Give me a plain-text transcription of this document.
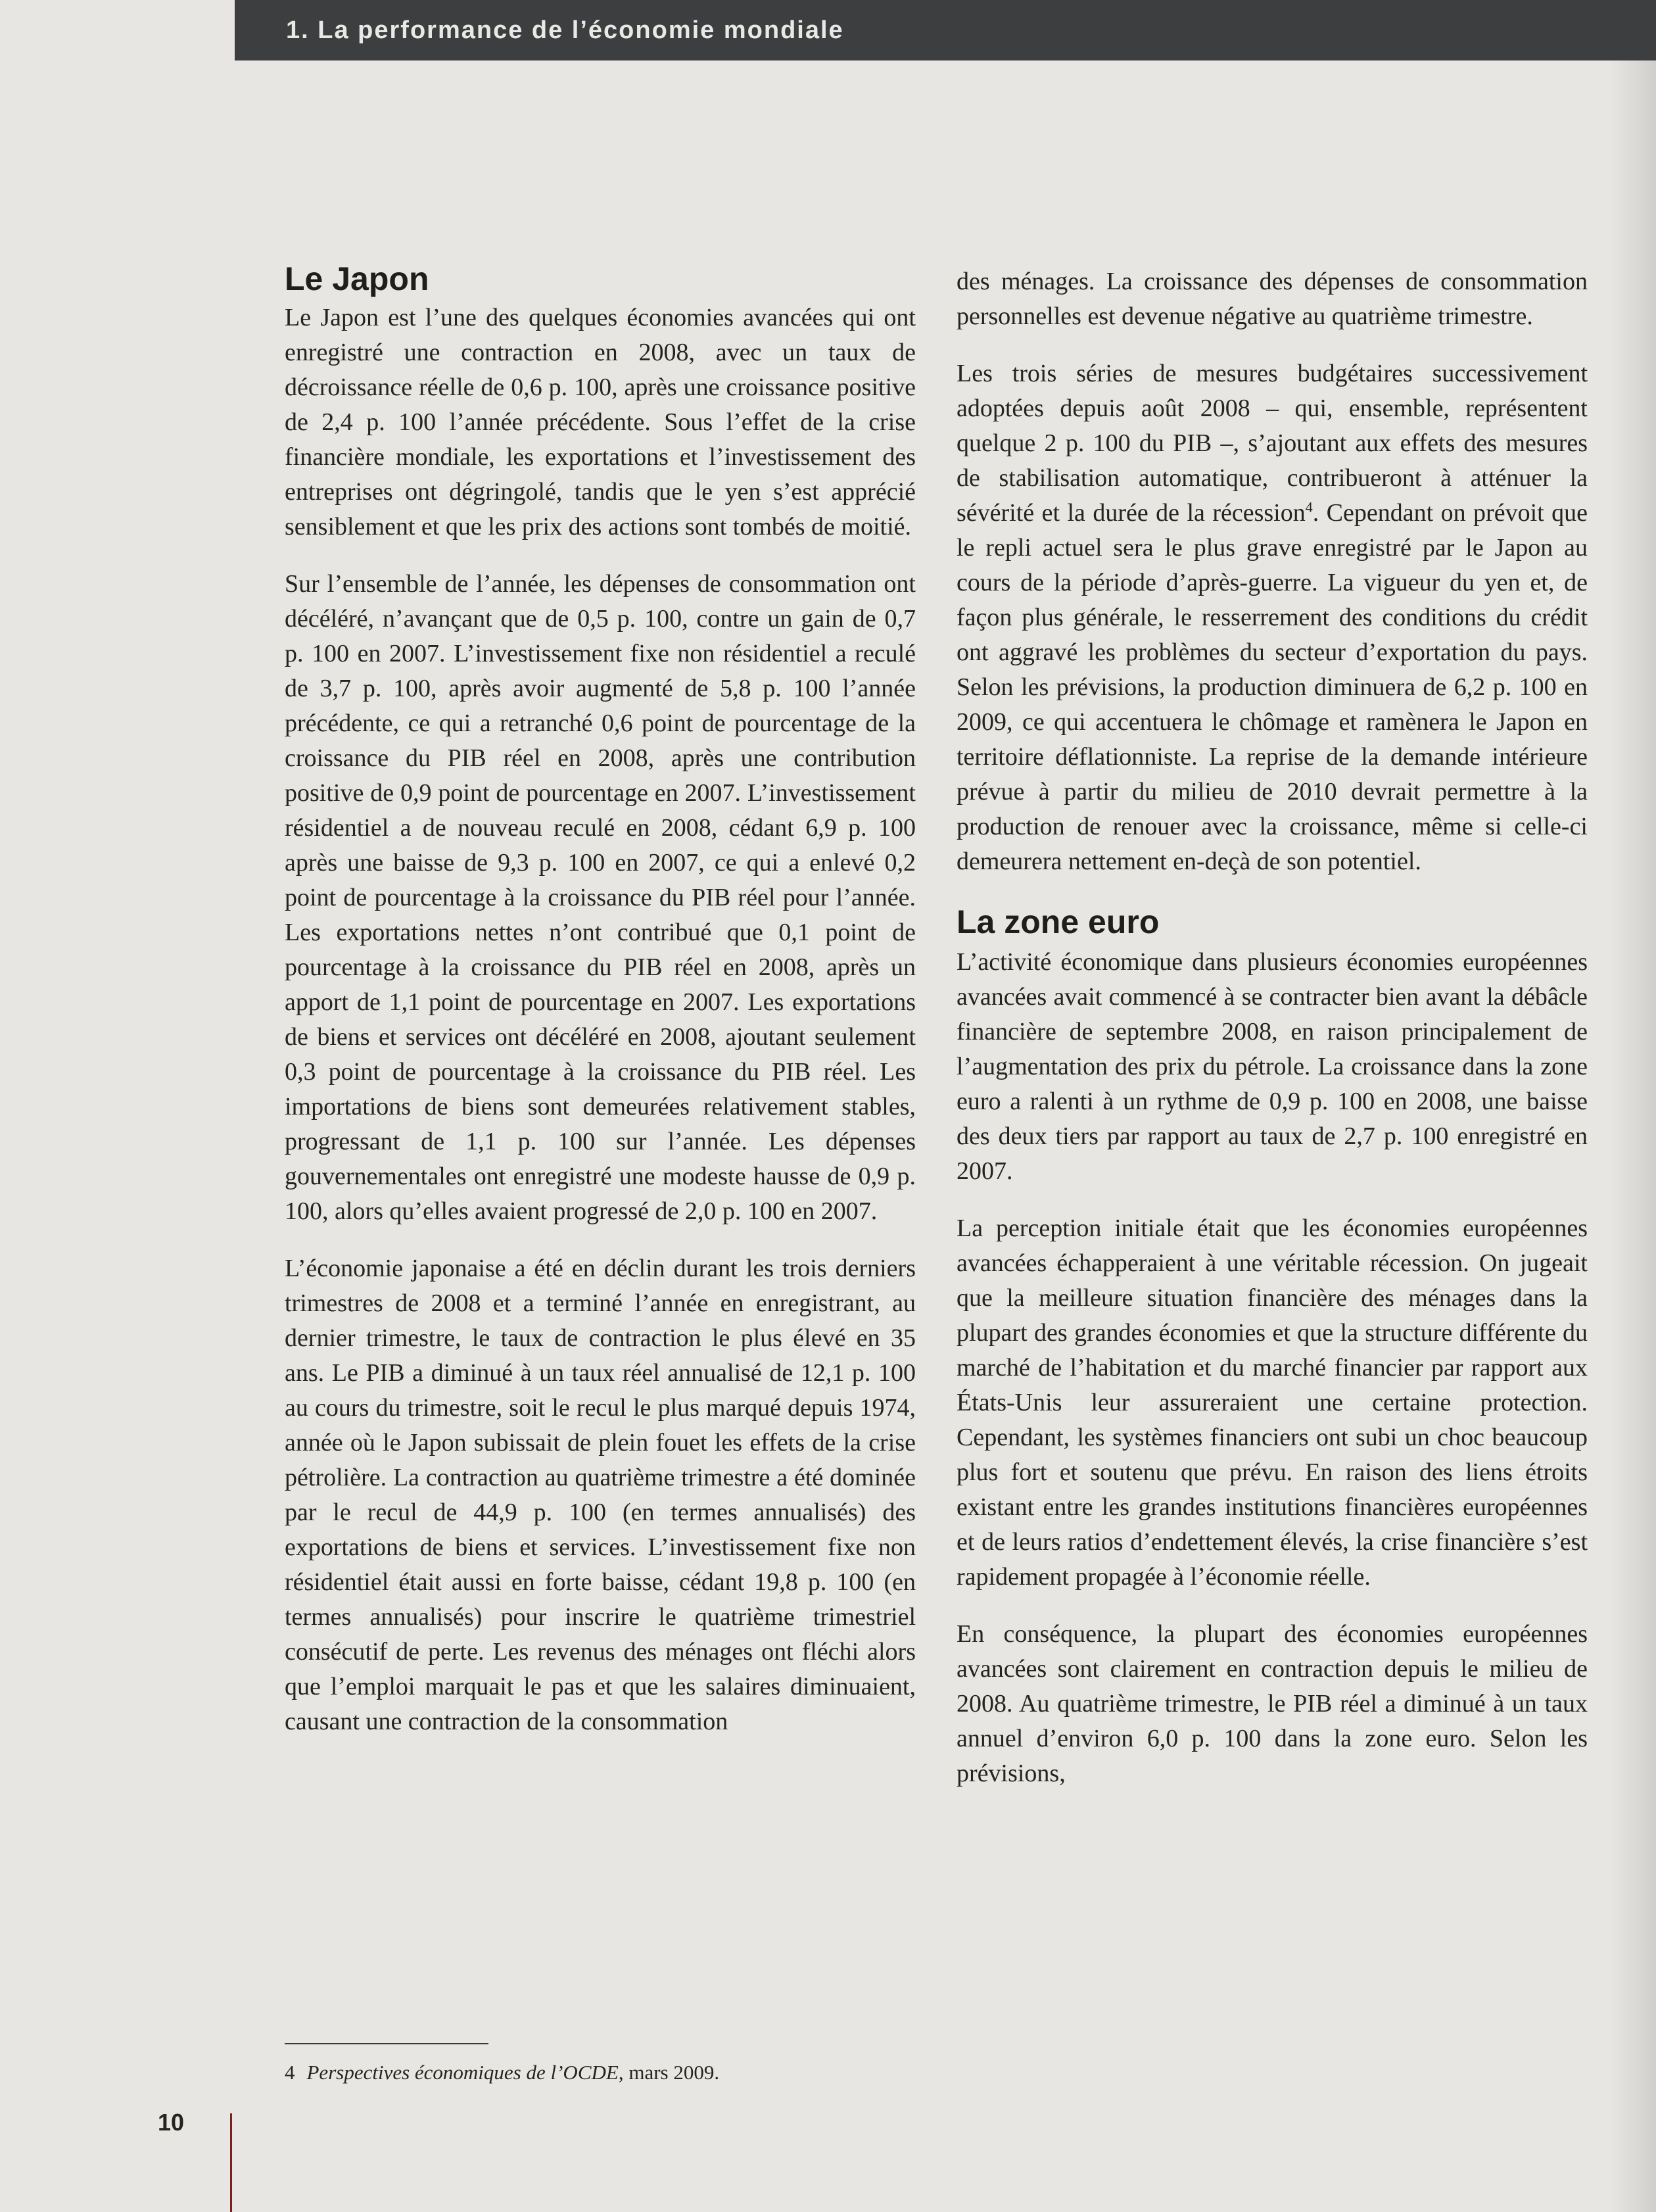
1. La performance de l’économie mondiale
Le Japon

Le Japon est l’une des quelques économies avancées qui ont enregistré une contraction en 2008, avec un taux de décroissance réelle de 0,6 p. 100, après une croissance positive de 2,4 p. 100 l’année précédente. Sous l’effet de la crise financière mondiale, les exportations et l’investissement des entreprises ont dégringolé, tandis que le yen s’est apprécié sensiblement et que les prix des actions sont tombés de moitié.

Sur l’ensemble de l’année, les dépenses de consommation ont décéléré, n’avançant que de 0,5 p. 100, contre un gain de 0,7 p. 100 en 2007. L’investissement fixe non résidentiel a reculé de 3,7 p. 100, après avoir augmenté de 5,8 p. 100 l’année précédente, ce qui a retranché 0,6 point de pourcentage de la croissance du PIB réel en 2008, après une contribution positive de 0,9 point de pourcentage en 2007. L’investissement résidentiel a de nouveau reculé en 2008, cédant 6,9 p. 100 après une baisse de 9,3 p. 100 en 2007, ce qui a enlevé 0,2 point de pourcentage à la croissance du PIB réel pour l’année. Les exportations nettes n’ont contribué que 0,1 point de pourcentage à la croissance du PIB réel en 2008, après un apport de 1,1 point de pourcentage en 2007. Les exportations de biens et services ont décéléré en 2008, ajoutant seulement 0,3 point de pourcentage à la croissance du PIB réel. Les importations de biens sont demeurées relativement stables, progressant de 1,1 p. 100 sur l’année. Les dépenses gouvernementales ont enregistré une modeste hausse de 0,9 p. 100, alors qu’elles avaient progressé de 2,0 p. 100 en 2007.

L’économie japonaise a été en déclin durant les trois derniers trimestres de 2008 et a terminé l’année en enregistrant, au dernier trimestre, le taux de contraction le plus élevé en 35 ans. Le PIB a diminué à un taux réel annualisé de 12,1 p. 100 au cours du trimestre, soit le recul le plus marqué depuis 1974, année où le Japon subissait de plein fouet les effets de la crise pétrolière. La contraction au quatrième trimestre a été dominée par le recul de 44,9 p. 100 (en termes annualisés) des exportations de biens et services. L’investissement fixe non résidentiel était aussi en forte baisse, cédant 19,8 p. 100 (en termes annualisés) pour inscrire le quatrième trimestriel consécutif de perte. Les revenus des ménages ont fléchi alors que l’emploi marquait le pas et que les salaires diminuaient, causant une contraction de la consommation

des ménages. La croissance des dépenses de consommation personnelles est devenue négative au quatrième trimestre.

Les trois séries de mesures budgétaires successivement adoptées depuis août 2008 – qui, ensemble, représentent quelque 2 p. 100 du PIB –, s’ajoutant aux effets des mesures de stabilisation automatique, contribueront à atténuer la sévérité et la durée de la récession$^4$. Cependant on prévoit que le repli actuel sera le plus grave enregistré par le Japon au cours de la période d’après-guerre. La vigueur du yen et, de façon plus générale, le resserrement des conditions du crédit ont aggravé les problèmes du secteur d’exportation du pays. Selon les prévisions, la production diminuera de 6,2 p. 100 en 2009, ce qui accentuera le chômage et ramènera le Japon en territoire déflationniste. La reprise de la demande intérieure prévue à partir du milieu de 2010 devrait permettre à la production de renouer avec la croissance, même si celle-ci demeurera nettement en-deçà de son potentiel.

La zone euro

L’activité économique dans plusieurs économies européennes avancées avait commencé à se contracter bien avant la débâcle financière de septembre 2008, en raison principalement de l’augmentation des prix du pétrole. La croissance dans la zone euro a ralenti à un rythme de 0,9 p. 100 en 2008, une baisse des deux tiers par rapport au taux de 2,7 p. 100 enregistré en 2007.

La perception initiale était que les économies européennes avancées échapperaient à une véritable récession. On jugeait que la meilleure situation financière des ménages dans la plupart des grandes économies et que la structure différente du marché de l’habitation et du marché financier par rapport aux États-Unis leur assureraient une certaine protection. Cependant, les systèmes financiers ont subi un choc beaucoup plus fort et soutenu que prévu. En raison des liens étroits existant entre les grandes institutions financières européennes et de leurs ratios d’endettement élevés, la crise financière s’est rapidement propagée à l’économie réelle.

En conséquence, la plupart des économies européennes avancées sont clairement en contraction depuis le milieu de 2008. Au quatrième trimestre, le PIB réel a diminué à un taux annuel d’environ 6,0 p. 100 dans la zone euro. Selon les prévisions,

4 Perspectives économiques de l’OCDE, mars 2009.
10
